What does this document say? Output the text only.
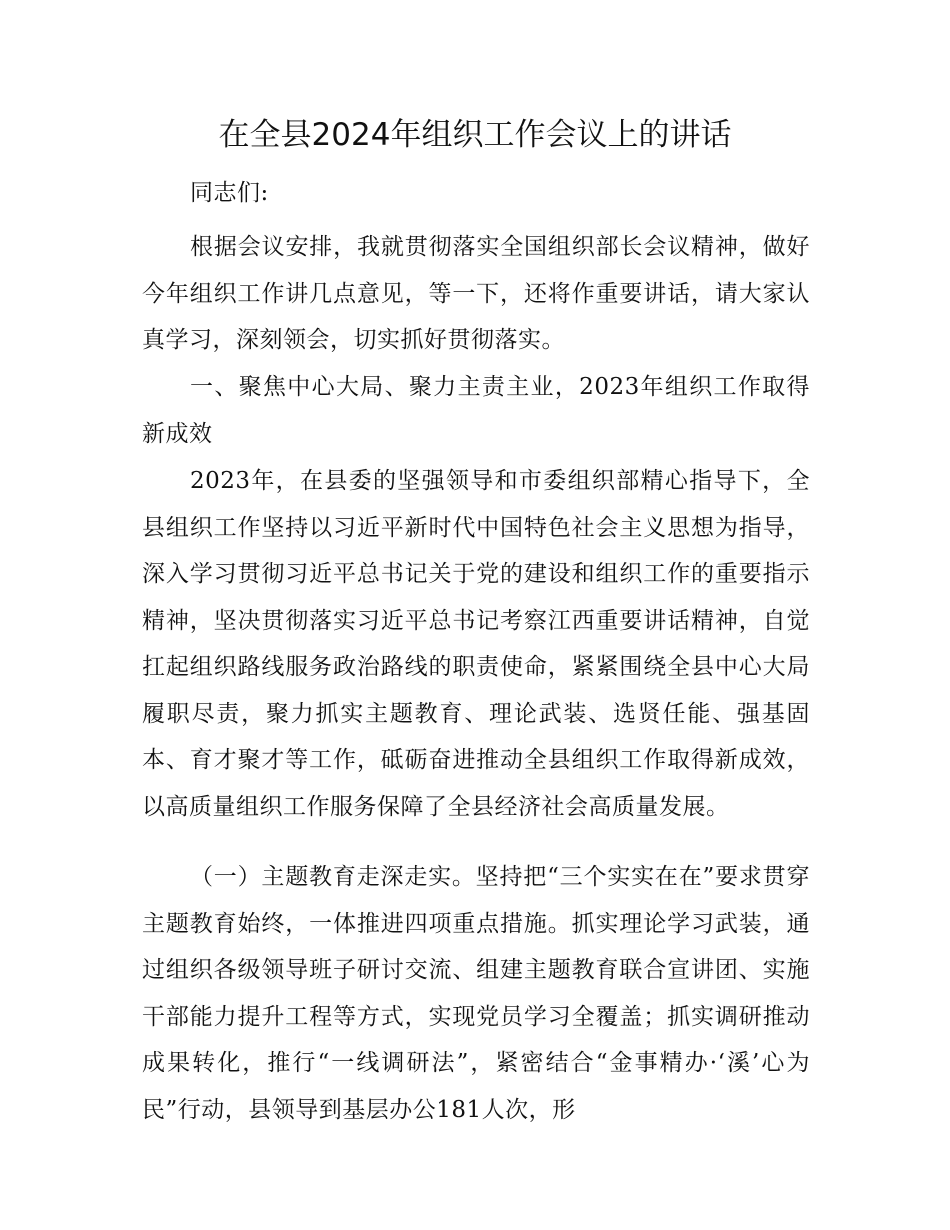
在全县2024年组织工作会议上的讲话

同志们:

根据会议安排，我就贯彻落实全国组织部长会议精神，做好今年组织工作讲几点意见，等一下，还将作重要讲话，请大家认真学习，深刻领会，切实抓好贯彻落实。

一、聚焦中心大局、聚力主责主业，2023年组织工作取得新成效

2023年，在县委的坚强领导和市委组织部精心指导下，全县组织工作坚持以习近平新时代中国特色社会主义思想为指导，深入学习贯彻习近平总书记关于党的建设和组织工作的重要指示精神，坚决贯彻落实习近平总书记考察江西重要讲话精神，自觉扛起组织路线服务政治路线的职责使命，紧紧围绕全县中心大局履职尽责，聚力抓实主题教育、理论武装、选贤任能、强基固本、育才聚才等工作，砥砺奋进推动全县组织工作取得新成效，以高质量组织工作服务保障了全县经济社会高质量发展。

（一）主题教育走深走实。坚持把“三个实实在在”要求贯穿主题教育始终，一体推进四项重点措施。抓实理论学习武装，通过组织各级领导班子研讨交流、组建主题教育联合宣讲团、实施干部能力提升工程等方式，实现党员学习全覆盖；抓实调研推动成果转化，推行“一线调研法”，紧密结合“金事精办·‘溪’心为民”行动，县领导到基层办公181人次，形
